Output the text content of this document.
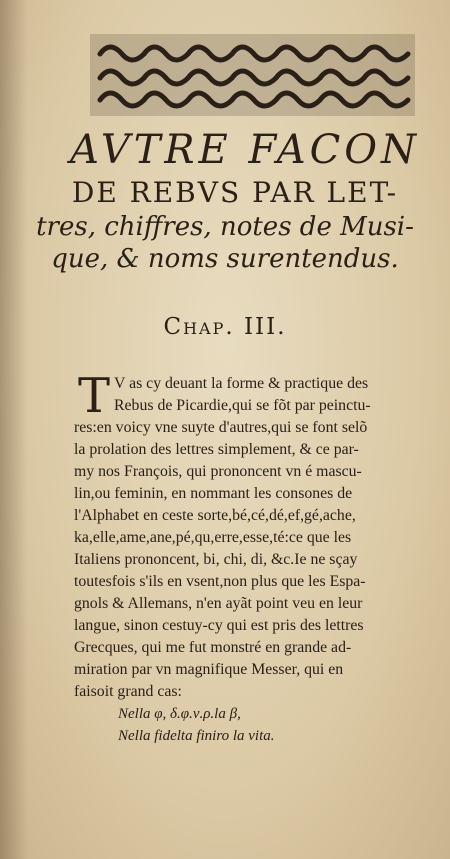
AVTRE FACON
DE REBVS PAR LET-
tres, chiffres, notes de Musi-
que, & noms surentendus.
Chap. III.
T V as cy deuant la forme & practique des
Rebus de Picardie,qui se fõt par peinctu-
res:en voicy vne suyte d'autres,qui se font selõ
la prolation des lettres simplement, & ce par-
my nos François, qui prononcent vn é mascu-
lin,ou feminin, en nommant les consones de
l'Alphabet en ceste sorte,bé,cé,dé,ef,gé,ache,
ka,elle,ame,ane,pé,qu,erre,esse,té:ce que les
Italiens prononcent, bi, chi, di, &c.Ie ne sçay
toutesfois s'ils en vsent,non plus que les Espa-
gnols & Allemans, n'en ayãt point veu en leur
langue, sinon cestuy-cy qui est pris des lettres
Grecques, qui me fut monstré en grande ad-
miration par vn magnifique Messer, qui en
faisoit grand cas:
Nella φ, δ.φ.ν.ρ.la β,
Nella fidelta finiro la vita.
